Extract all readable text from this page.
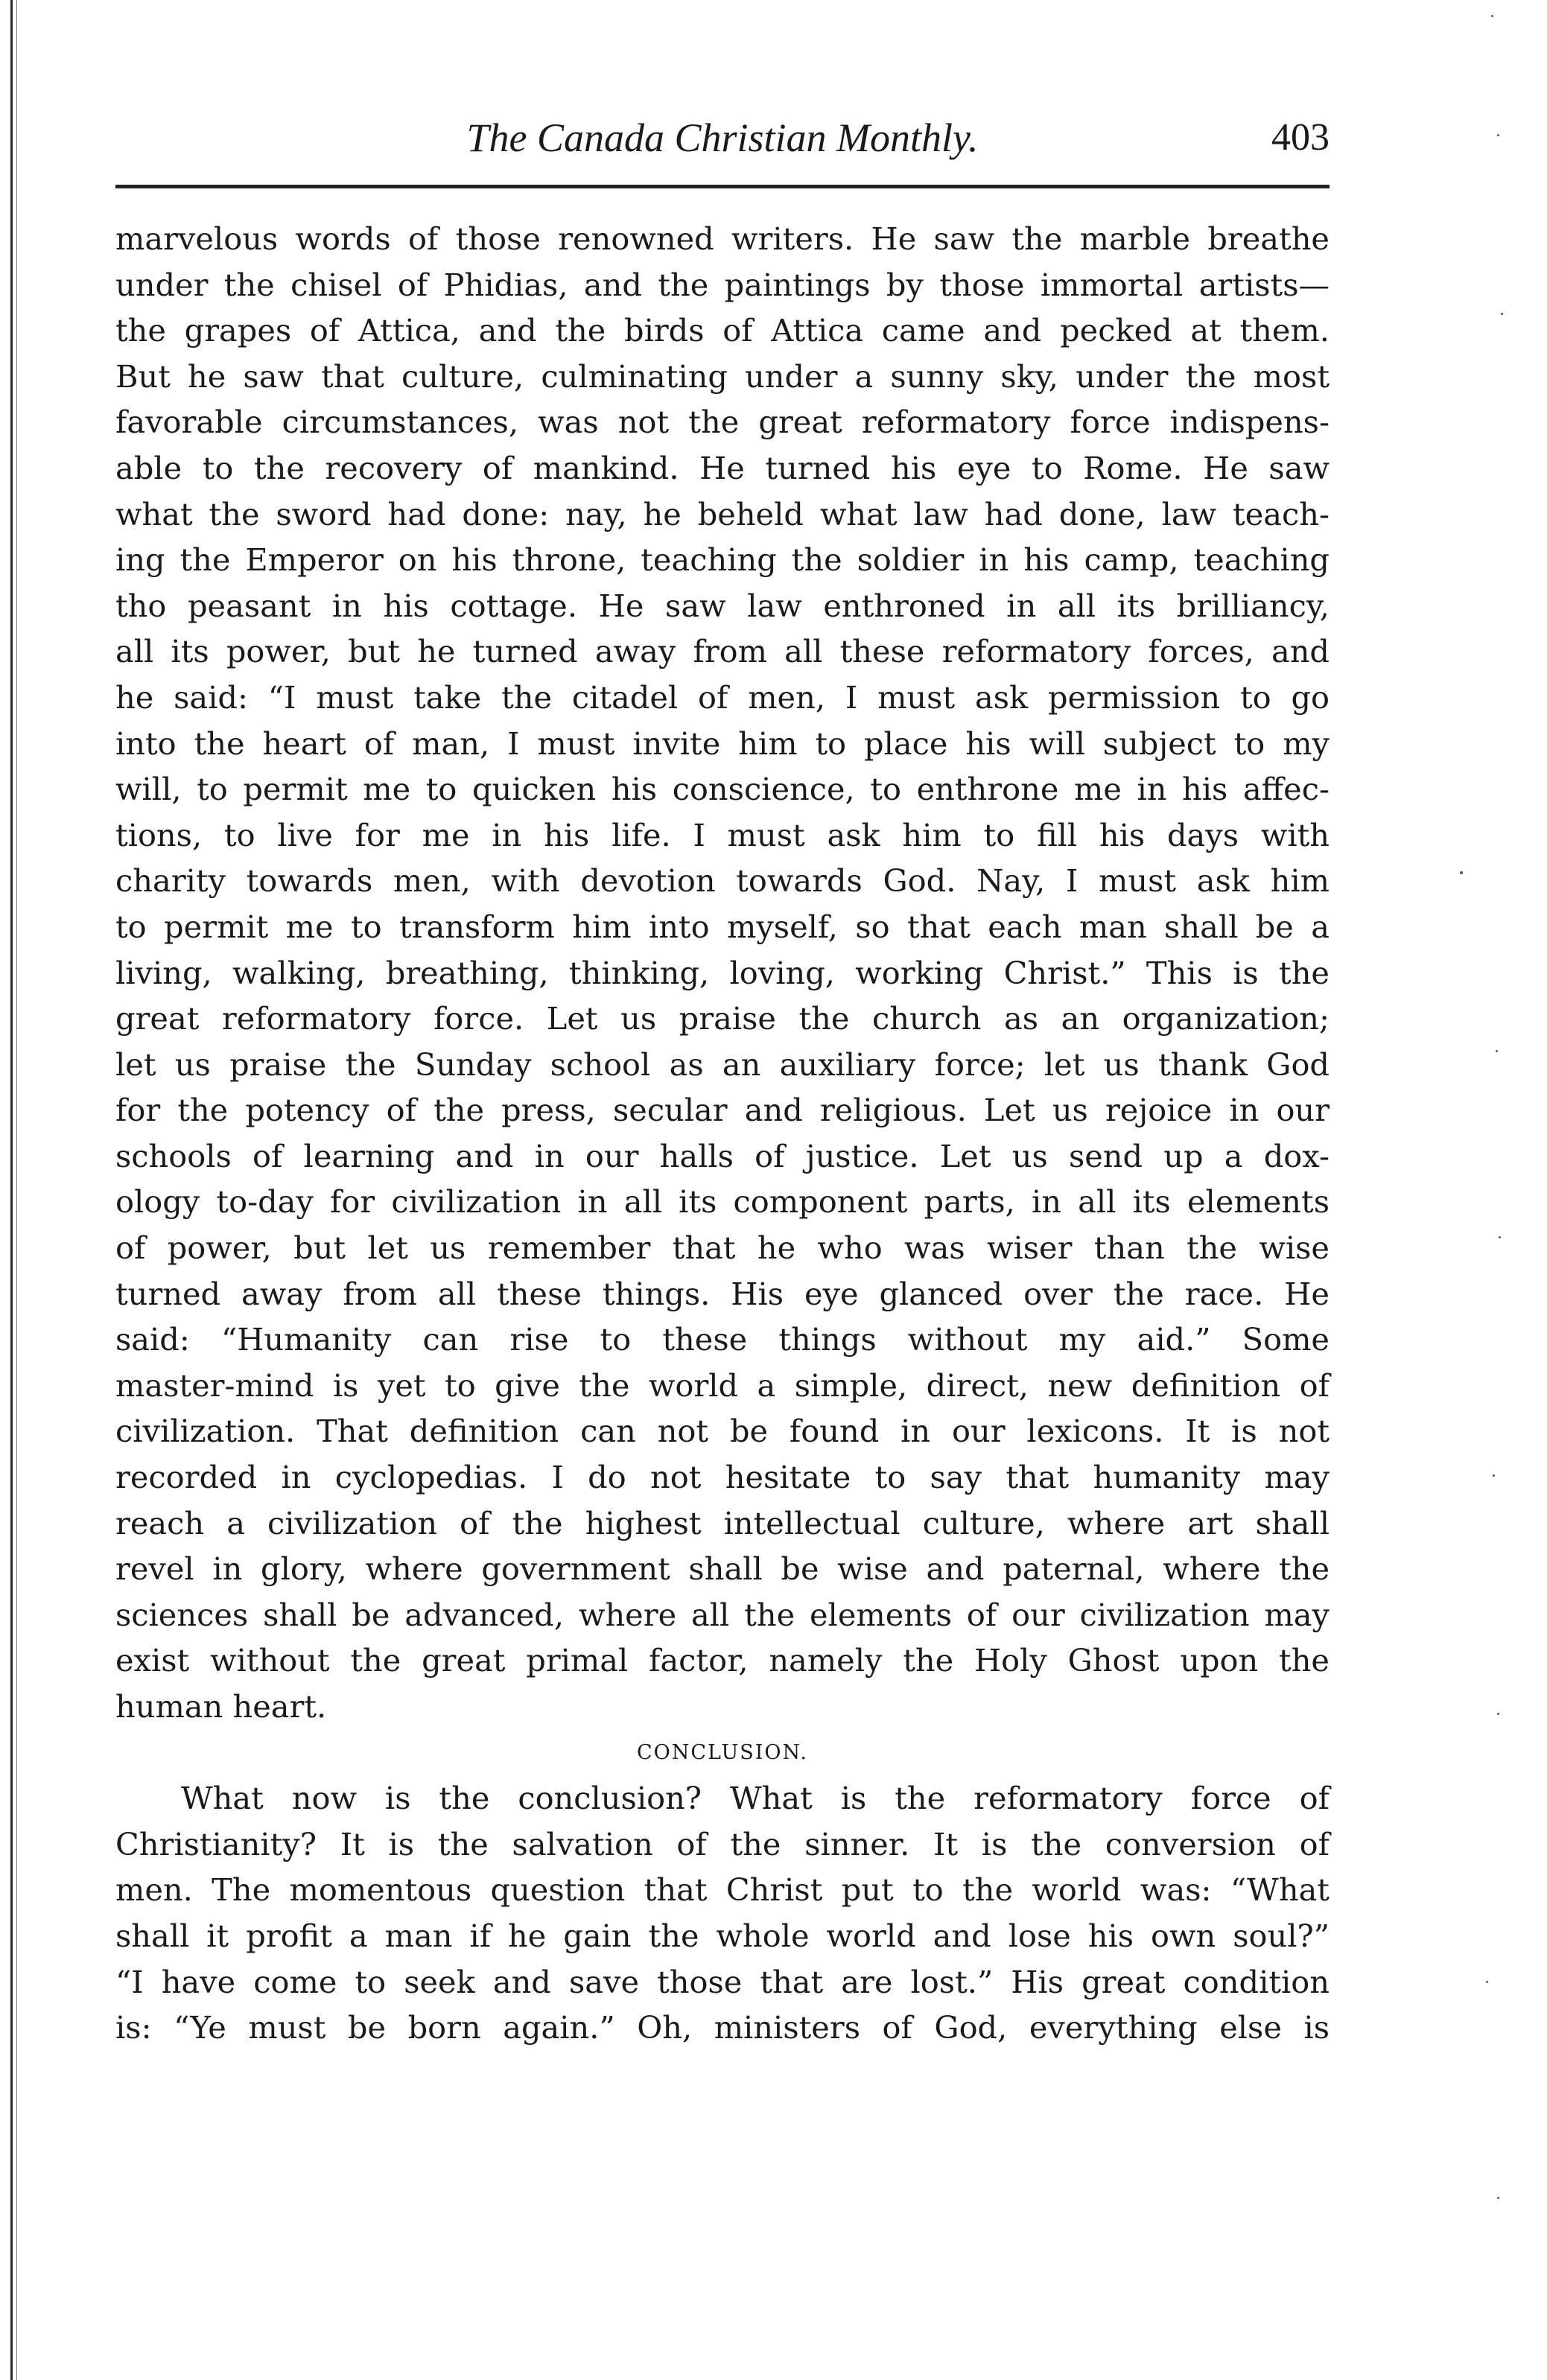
The Canada Christian Monthly.	403
marvelous words of those renowned writers. He saw the marble breathe
under the chisel of Phidias, and the paintings by those immortal artists—
the grapes of Attica, and the birds of Attica came and pecked at them.
But he saw that culture, culminating under a sunny sky, under the most
favorable circumstances, was not the great reformatory force indispens-
able to the recovery of mankind. He turned his eye to Rome. He saw
what the sword had done: nay, he beheld what law had done, law teach-
ing the Emperor on his throne, teaching the soldier in his camp, teaching
tho peasant in his cottage. He saw law enthroned in all its brilliancy,
all its power, but he turned away from all these reformatory forces, and
he said: “I must take the citadel of men, I must ask permission to go
into the heart of man, I must invite him to place his will subject to my
will, to permit me to quicken his conscience, to enthrone me in his affec-
tions, to live for me in his life. I must ask him to fill his days with
charity towards men, with devotion towards God. Nay, I must ask him
to permit me to transform him into myself, so that each man shall be a
living, walking, breathing, thinking, loving, working Christ.” This is the
great reformatory force. Let us praise the church as an organization;
let us praise the Sunday school as an auxiliary force; let us thank God
for the potency of the press, secular and religious. Let us rejoice in our
schools of learning and in our halls of justice. Let us send up a dox-
ology to-day for civilization in all its component parts, in all its elements
of power, but let us remember that he who was wiser than the wise
turned away from all these things. His eye glanced over the race. He
said: “Humanity can rise to these things without my aid.” Some
master-mind is yet to give the world a simple, direct, new definition of
civilization. That definition can not be found in our lexicons. It is not
recorded in cyclopedias. I do not hesitate to say that humanity may
reach a civilization of the highest intellectual culture, where art shall
revel in glory, where government shall be wise and paternal, where the
sciences shall be advanced, where all the elements of our civilization may
exist without the great primal factor, namely the Holy Ghost upon the
human heart.
CONCLUSION.
What now is the conclusion? What is the reformatory force of
Christianity? It is the salvation of the sinner. It is the conversion of
men. The momentous question that Christ put to the world was: “What
shall it profit a man if he gain the whole world and lose his own soul?”
“I have come to seek and save those that are lost.” His great condition
is: “Ye must be born again.” Oh, ministers of God, everything else is
